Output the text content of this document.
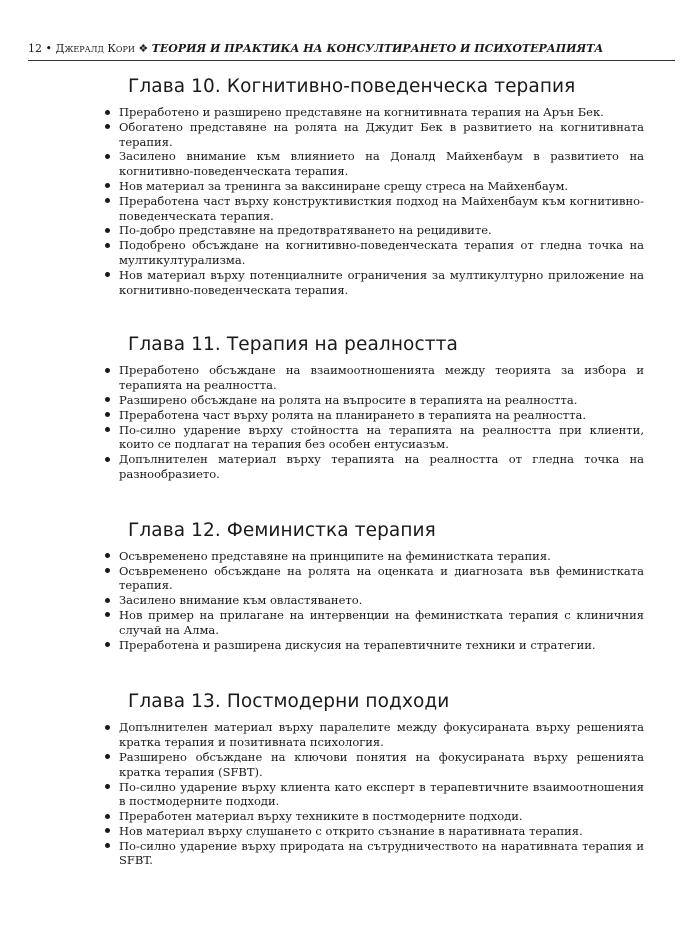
12 • Джералд Кори ❖ ТЕОРИЯ И ПРАКТИКА НА КОНСУЛТИРАНЕТО И ПСИХОТЕРАПИЯТА
Глава 10. Когнитивно-поведенческа терапия
Преработено и разширено представяне на когнитивната терапия на Арън Бек.
Обогатено представяне на ролята на Джудит Бек в развитието на когнитивната терапия.
Засилено внимание към влиянието на Доналд Майхенбаум в развитието на когнитивно-поведенческата терапия.
Нов материал за тренинга за ваксиниране срещу стреса на Майхенбаум.
Преработена част върху конструктивисткия подход на Майхенбаум към когнитивно-поведенческата терапия.
По-добро представяне на предотвратяването на рецидивите.
Подобрено обсъждане на когнитивно-поведенческата терапия от гледна точка на мултикултурализма.
Нов материал върху потенциалните ограничения за мултикултурно приложение на когнитивно-поведенческата терапия.
Глава 11. Терапия на реалността
Преработено обсъждане на взаимоотношенията между теорията за избора и терапията на реалността.
Разширено обсъждане на ролята на въпросите в терапията на реалността.
Преработена част върху ролята на планирането в терапията на реалността.
По-силно ударение върху стойността на терапията на реалността при клиенти, които се подлагат на терапия без особен ентусиазъм.
Допълнителен материал върху терапията на реалността от гледна точка на разнообразието.
Глава 12. Феминистка терапия
Осъвременено представяне на принципите на феминистката терапия.
Осъвременено обсъждане на ролята на оценката и диагнозата във феминистката терапия.
Засилено внимание към овластяването.
Нов пример на прилагане на интервенции на феминистката терапия с клиничния случай на Алма.
Преработена и разширена дискусия на терапевтичните техники и стратегии.
Глава 13. Постмодерни подходи
Допълнителен материал върху паралелите между фокусираната върху решенията кратка терапия и позитивната психология.
Разширено обсъждане на ключови понятия на фокусираната върху решенията кратка терапия (SFBT).
По-силно ударение върху клиента като експерт в терапевтичните взаимоотношения в постмодерните подходи.
Преработен материал върху техниките в постмодерните подходи.
Нов материал върху слушането с открито съзнание в наративната терапия.
По-силно ударение върху природата на сътрудничеството на наративната терапия и SFBT.
